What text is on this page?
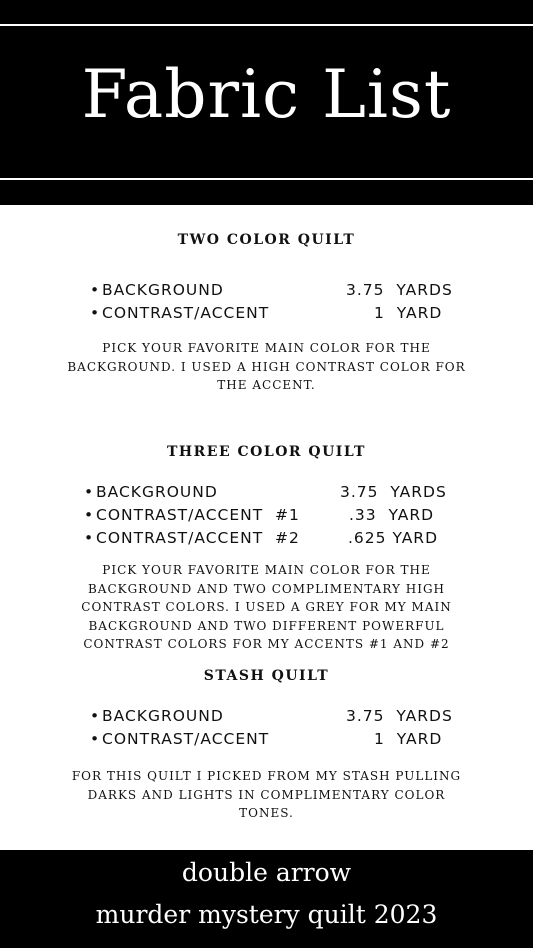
Fabric List
TWO COLOR QUILT
• BACKGROUND	3.75  YARDS
• CONTRAST/ACCENT	1  YARD
PICK YOUR FAVORITE MAIN COLOR FOR THE BACKGROUND. I USED A HIGH CONTRAST COLOR FOR THE ACCENT.
THREE COLOR QUILT
• BACKGROUND	3.75  YARDS
• CONTRAST/ACCENT  #1	.33  YARD
• CONTRAST/ACCENT  #2	.625 YARD
PICK YOUR FAVORITE MAIN COLOR FOR THE BACKGROUND AND TWO COMPLIMENTARY HIGH CONTRAST COLORS. I USED A GREY FOR MY MAIN BACKGROUND AND TWO DIFFERENT POWERFUL CONTRAST COLORS FOR MY ACCENTS #1 AND #2
STASH QUILT
• BACKGROUND	3.75  YARDS
• CONTRAST/ACCENT	1  YARD
FOR THIS QUILT I PICKED FROM MY STASH PULLING DARKS AND LIGHTS IN COMPLIMENTARY COLOR TONES.
double arrow
murder mystery quilt 2023
